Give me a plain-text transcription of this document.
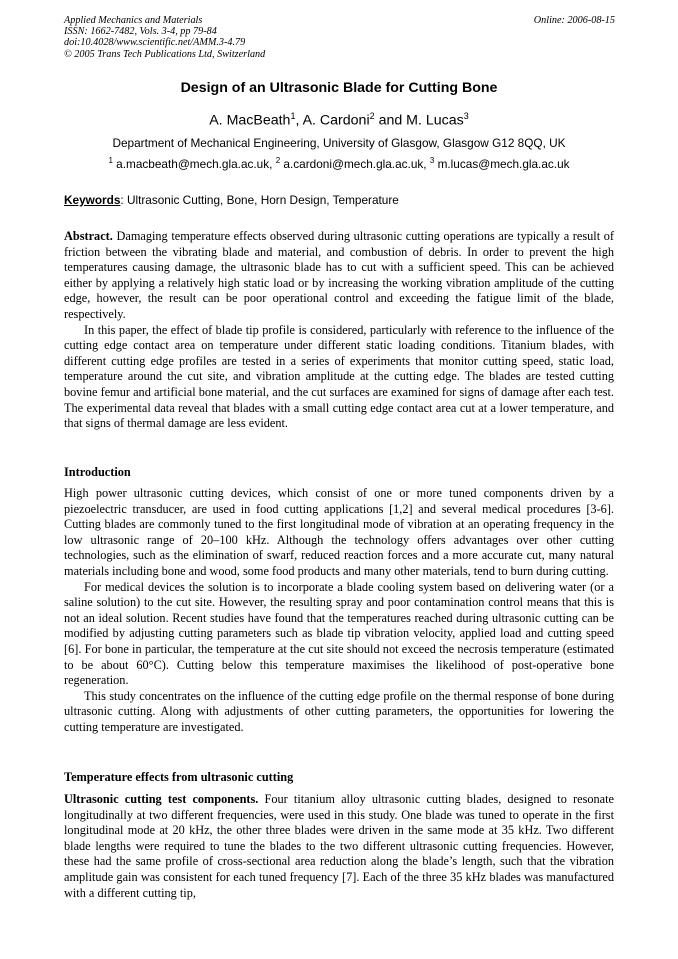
Applied Mechanics and Materials
ISSN: 1662-7482, Vols. 3-4, pp 79-84
doi:10.4028/www.scientific.net/AMM.3-4.79
© 2005 Trans Tech Publications Ltd, Switzerland
Online: 2006-08-15
Design of an Ultrasonic Blade for Cutting Bone
A. MacBeath$^1$, A. Cardoni$^2$ and M. Lucas$^3$
Department of Mechanical Engineering, University of Glasgow, Glasgow G12 8QQ, UK
$^1$ a.macbeath@mech.gla.ac.uk, $^2$ a.cardoni@mech.gla.ac.uk, $^3$ m.lucas@mech.gla.ac.uk
Keywords: Ultrasonic Cutting, Bone, Horn Design, Temperature

Abstract. Damaging temperature effects observed during ultrasonic cutting operations are typically a result of friction between the vibrating blade and material, and combustion of debris. In order to prevent the high temperatures causing damage, the ultrasonic blade has to cut with a sufficient speed. This can be achieved either by applying a relatively high static load or by increasing the working vibration amplitude of the cutting edge, however, the result can be poor operational control and exceeding the fatigue limit of the blade, respectively.

In this paper, the effect of blade tip profile is considered, particularly with reference to the influence of the cutting edge contact area on temperature under different static loading conditions. Titanium blades, with different cutting edge profiles are tested in a series of experiments that monitor cutting speed, static load, temperature around the cut site, and vibration amplitude at the cutting edge. The blades are tested cutting bovine femur and artificial bone material, and the cut surfaces are examined for signs of damage after each test. The experimental data reveal that blades with a small cutting edge contact area cut at a lower temperature, and that signs of thermal damage are less evident.

Introduction

High power ultrasonic cutting devices, which consist of one or more tuned components driven by a piezoelectric transducer, are used in food cutting applications [1,2] and several medical procedures [3-6]. Cutting blades are commonly tuned to the first longitudinal mode of vibration at an operating frequency in the low ultrasonic range of 20–100 kHz. Although the technology offers advantages over other cutting technologies, such as the elimination of swarf, reduced reaction forces and a more accurate cut, many natural materials including bone and wood, some food products and many other materials, tend to burn during cutting.

For medical devices the solution is to incorporate a blade cooling system based on delivering water (or a saline solution) to the cut site. However, the resulting spray and poor contamination control means that this is not an ideal solution. Recent studies have found that the temperatures reached during ultrasonic cutting can be modified by adjusting cutting parameters such as blade tip vibration velocity, applied load and cutting speed [6]. For bone in particular, the temperature at the cut site should not exceed the necrosis temperature (estimated to be about 60°C). Cutting below this temperature maximises the likelihood of post-operative bone regeneration.

This study concentrates on the influence of the cutting edge profile on the thermal response of bone during ultrasonic cutting. Along with adjustments of other cutting parameters, the opportunities for lowering the cutting temperature are investigated.

Temperature effects from ultrasonic cutting

Ultrasonic cutting test components. Four titanium alloy ultrasonic cutting blades, designed to resonate longitudinally at two different frequencies, were used in this study. One blade was tuned to operate in the first longitudinal mode at 20 kHz, the other three blades were driven in the same mode at 35 kHz. Two different blade lengths were required to tune the blades to the two different ultrasonic cutting frequencies. However, these had the same profile of cross-sectional area reduction along the blade’s length, such that the vibration amplitude gain was consistent for each tuned frequency [7]. Each of the three 35 kHz blades was manufactured with a different cutting tip,
